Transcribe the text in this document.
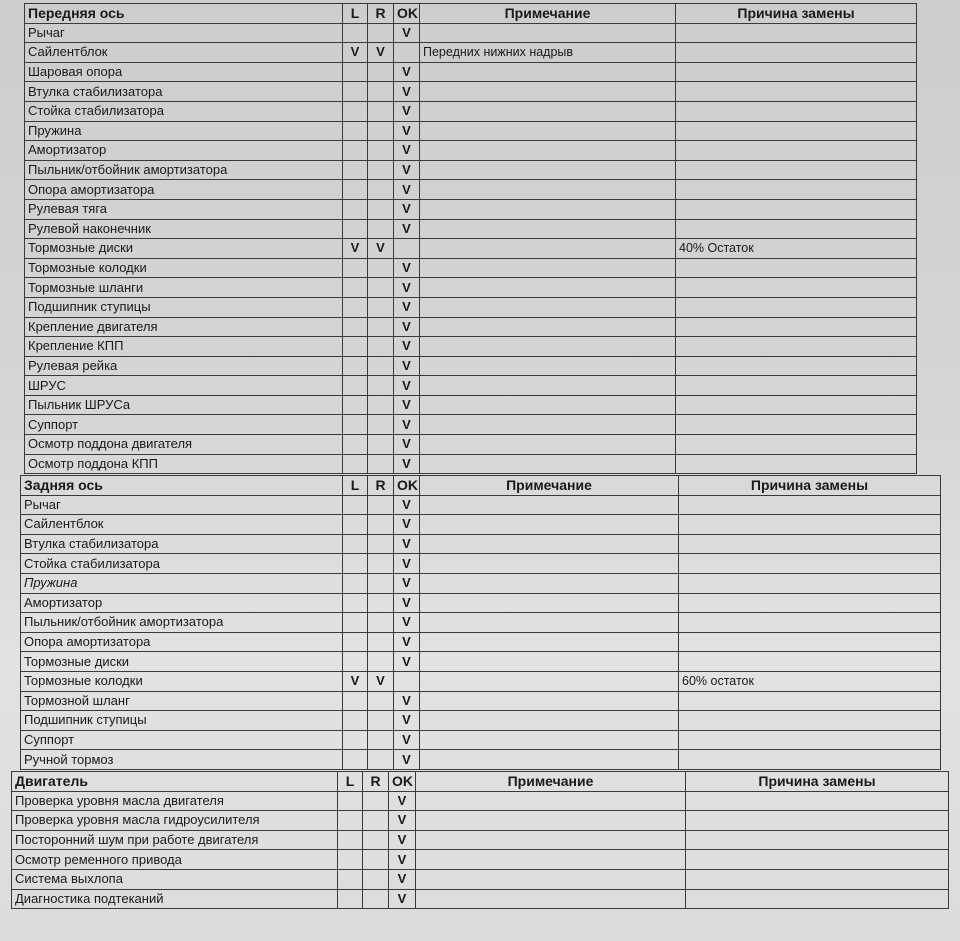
Передняя ось	L	R	OK	Примечание	Причина замены
Рычаг			V		
Сайлентблок	V	V		Передних нижних надрыв	
Шаровая опора			V		
Втулка стабилизатора			V		
Стойка стабилизатора			V		
Пружина			V		
Амортизатор			V		
Пыльник/отбойник амортизатора			V		
Опора амортизатора			V		
Рулевая тяга			V		
Рулевой наконечник			V		
Тормозные диски	V	V			40% Остаток
Тормозные колодки			V		
Тормозные шланги			V		
Подшипник ступицы			V		
Крепление двигателя			V		
Крепление КПП			V		
Рулевая рейка			V		
ШРУС			V		
Пыльник ШРУСа			V		
Суппорт			V		
Осмотр поддона двигателя			V		
Осмотр поддона КПП			V		
Задняя ось	L	R	OK	Примечание	Причина замены
Рычаг			V		
Сайлентблок			V		
Втулка стабилизатора			V		
Стойка стабилизатора			V		
Пружина			V		
Амортизатор			V		
Пыльник/отбойник амортизатора			V		
Опора амортизатора			V		
Тормозные диски			V		
Тормозные колодки	V	V			60% остаток
Тормозной шланг			V		
Подшипник ступицы			V		
Суппорт			V		
Ручной тормоз			V		
Двигатель	L	R	OK	Примечание	Причина замены
Проверка уровня масла двигателя			V		
Проверка уровня масла гидроусилителя			V		
Посторонний шум при работе двигателя			V		
Осмотр ременного привода			V		
Система выхлопа			V		
Диагностика подтеканий			V		
